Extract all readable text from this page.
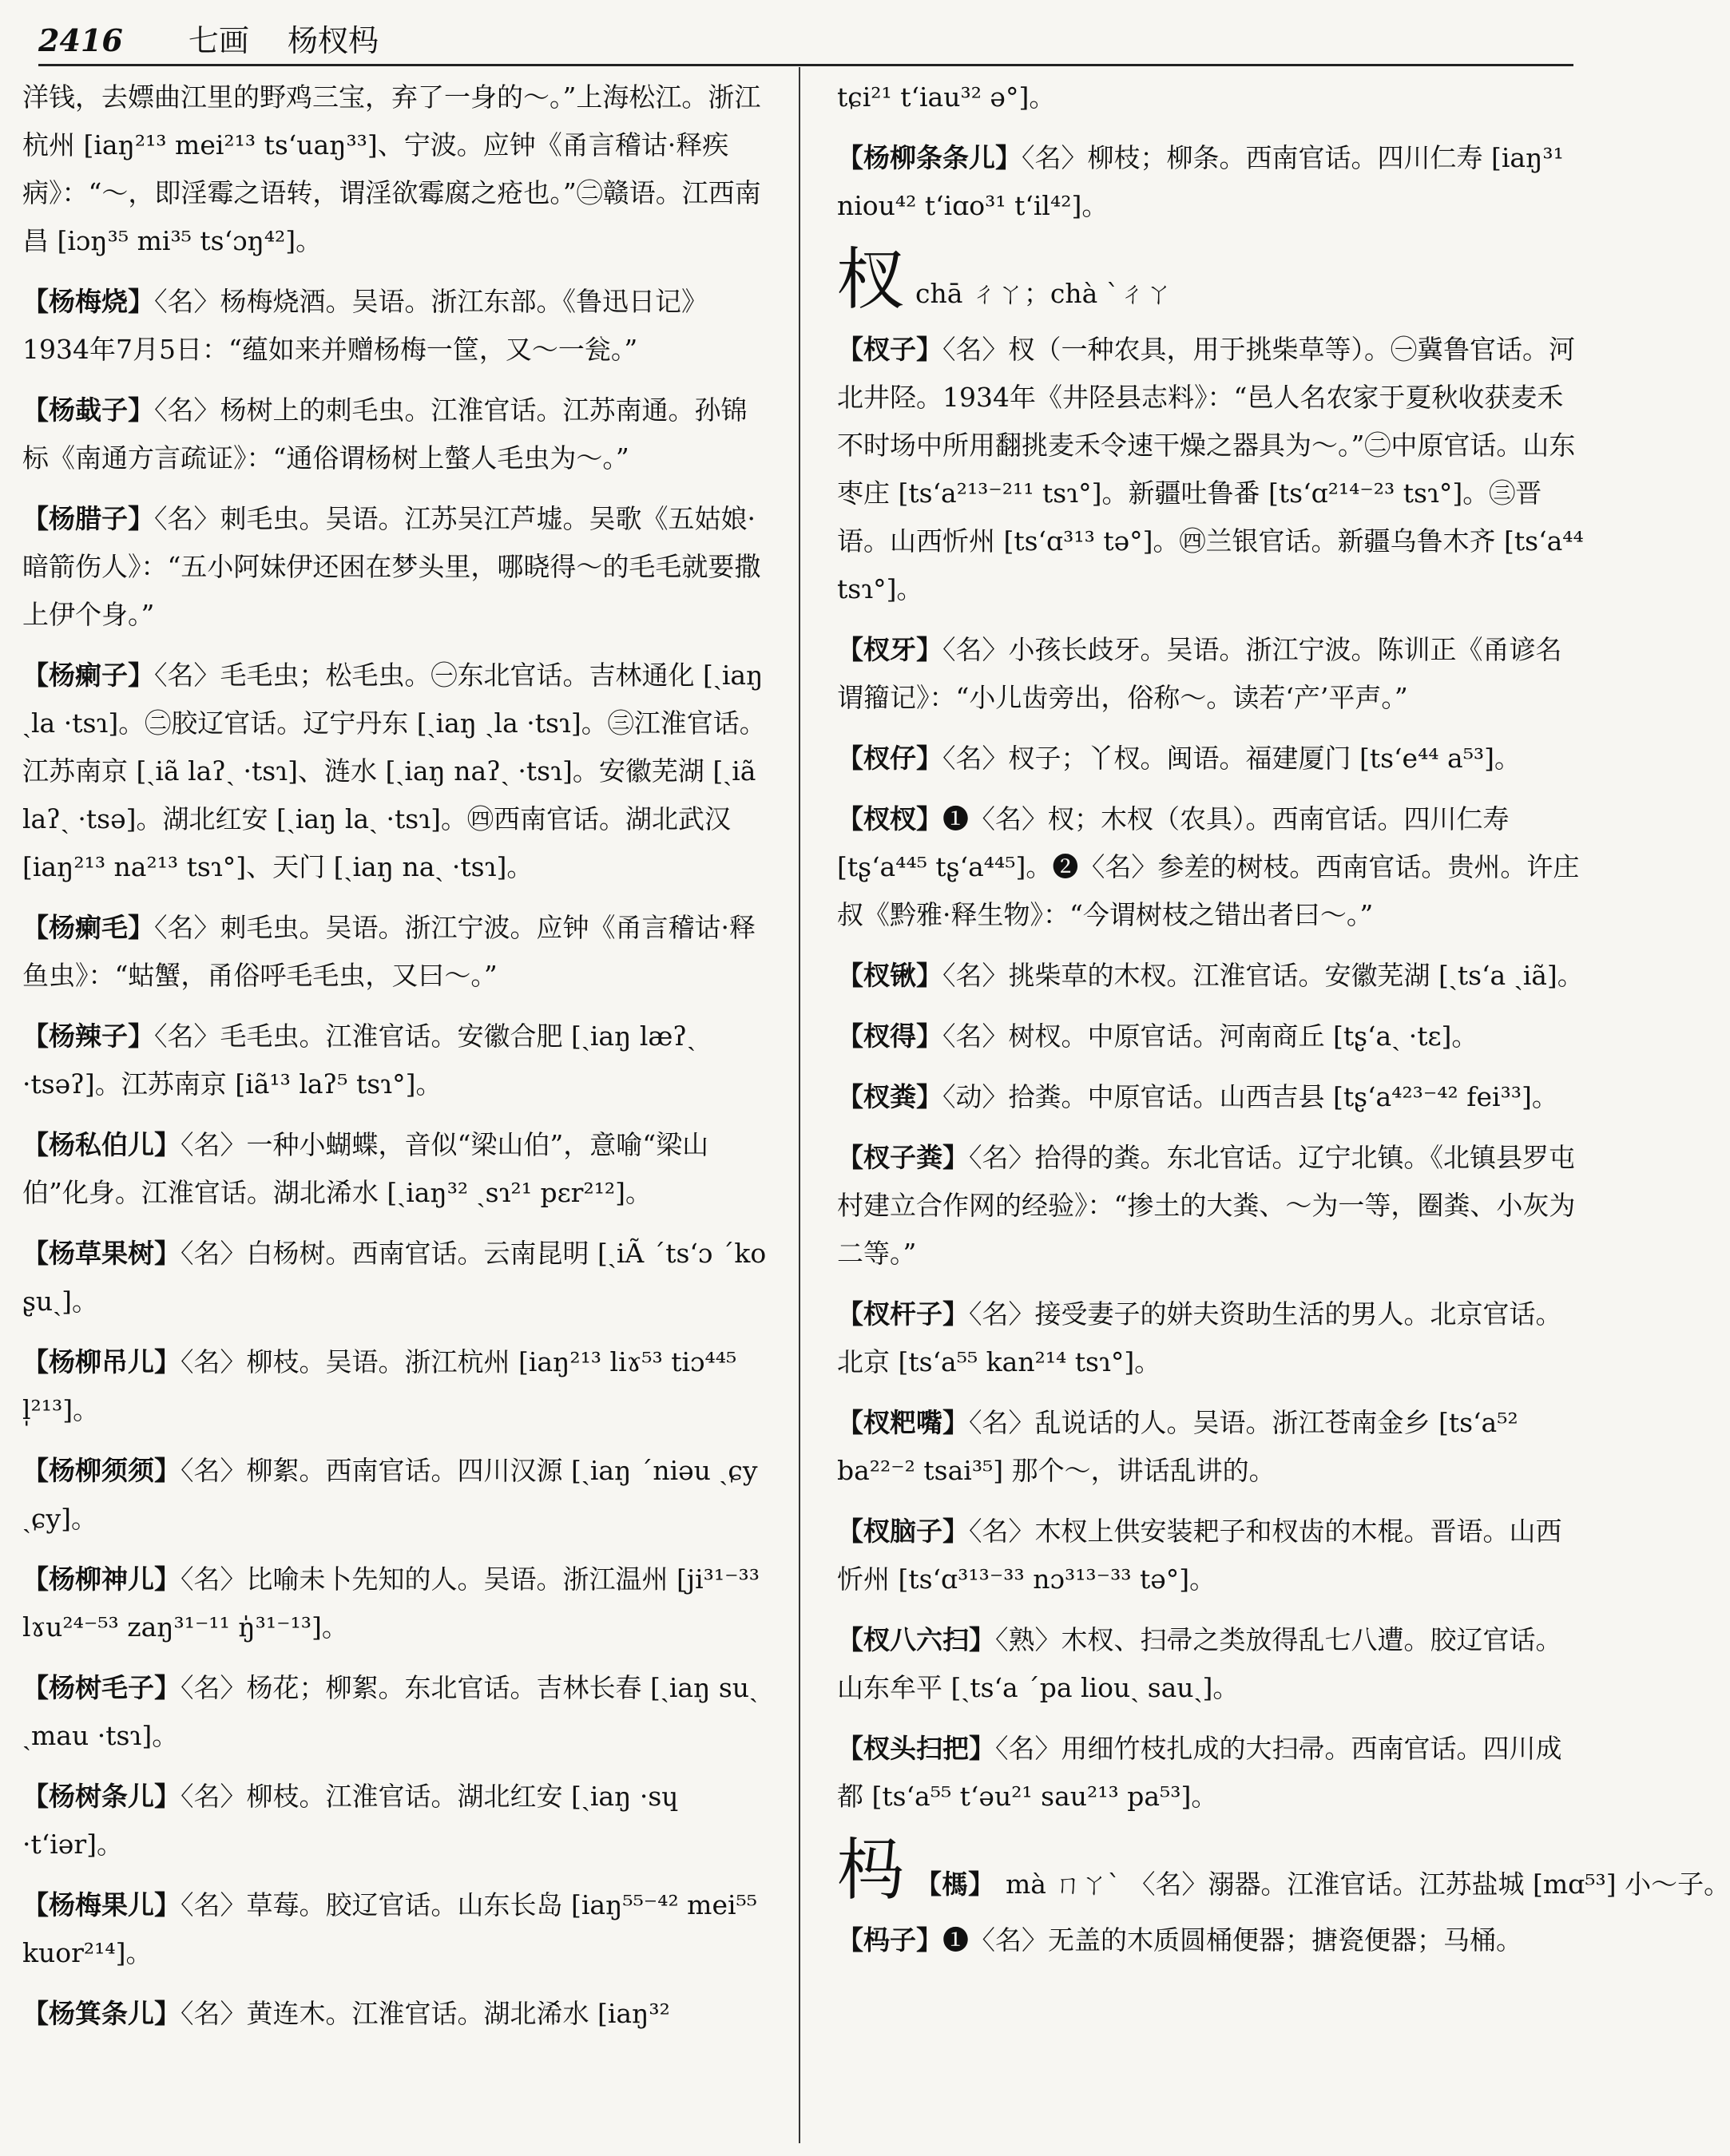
2416 七画 杨杈杩
洋钱，去嫖曲江里的野鸡三宝，弃了一身的～。”上海松江。浙江杭州 [iaŋ²¹³ mei²¹³ tsʻuaŋ³³]、宁波。应钟《甬言稽诂·释疾病》：“～，即淫霉之语转，谓淫欲霉腐之疮也。”㊁赣语。江西南昌 [iɔŋ³⁵ mi³⁵ tsʻɔŋ⁴²]。
【杨梅烧】〈名〉杨梅烧酒。吴语。浙江东部。《鲁迅日记》1934年7月5日：“蕴如来并赠杨梅一筐，又～一瓮。”
【杨蛓子】〈名〉杨树上的刺毛虫。江淮官话。江苏南通。孙锦标《南通方言疏证》：“通俗谓杨树上螫人毛虫为～。”
【杨腊子】〈名〉刺毛虫。吴语。江苏吴江芦墟。吴歌《五姑娘·暗箭伤人》：“五小阿妹伊还困在梦头里，哪晓得～的毛毛就要撒上伊个身。”
【杨瘌子】〈名〉毛毛虫；松毛虫。㊀东北官话。吉林通化 [ˏiaŋ ˏla ·tsɿ]。㊁胶辽官话。辽宁丹东 [ˏiaŋ ˏla ·tsɿ]。㊂江淮官话。江苏南京 [ˏiã laʔˎ ·tsɿ]、涟水 [ˏiaŋ naʔˎ ·tsɿ]。安徽芜湖 [ˏiã laʔˎ ·tsə]。湖北红安 [ˏiaŋ laˎ ·tsɿ]。㊃西南官话。湖北武汉 [iaŋ²¹³ na²¹³ tsɿ°]、天门 [ˏiaŋ naˎ ·tsɿ]。
【杨瘌毛】〈名〉刺毛虫。吴语。浙江宁波。应钟《甬言稽诂·释鱼虫》：“蛄蟹，甬俗呼毛毛虫，又曰～。”
【杨辣子】〈名〉毛毛虫。江淮官话。安徽合肥 [ˏiaŋ læʔˎ ·tsəʔ]。江苏南京 [iã¹³ laʔ⁵ tsɿ°]。
【杨私伯儿】〈名〉一种小蝴蝶，音似“梁山伯”，意喻“梁山伯”化身。江淮官话。湖北浠水 [ˏiaŋ³² ˏsɿ²¹ pɛr²¹²]。
【杨草果树】〈名〉白杨树。西南官话。云南昆明 [ˏiÃ ˊtsʻɔ ˊko ʂuˎ]。
【杨柳吊儿】〈名〉柳枝。吴语。浙江杭州 [iaŋ²¹³ liɤ⁵³ tiɔ⁴⁴⁵ l̩²¹³]。
【杨柳须须】〈名〉柳絮。西南官话。四川汉源 [ˏiaŋ ˊniəu ˏɕy ˏɕy]。
【杨柳神儿】〈名〉比喻未卜先知的人。吴语。浙江温州 [ji³¹⁻³³ lɤu²⁴⁻⁵³ zaŋ³¹⁻¹¹ ŋ̍³¹⁻¹³]。
【杨树毛子】〈名〉杨花；柳絮。东北官话。吉林长春 [ˏiaŋ suˎ ˏmau ·tsɿ]。
【杨树条儿】〈名〉柳枝。江淮官话。湖北红安 [ˏiaŋ ·sɥ ·tʻiər]。
【杨梅果儿】〈名〉草莓。胶辽官话。山东长岛 [iaŋ⁵⁵⁻⁴² mei⁵⁵ kuor²¹⁴]。
【杨箕条儿】〈名〉黄连木。江淮官话。湖北浠水 [iaŋ³²
tɕi²¹ tʻiau³² ə°]。
【杨柳条条儿】〈名〉柳枝；柳条。西南官话。四川仁寿 [iaŋ³¹ niou⁴² tʻiɑo³¹ tʻil⁴²]。
杈 chā ㄔㄚ；chà ˋㄔㄚ
【杈子】〈名〉杈（一种农具，用于挑柴草等）。㊀冀鲁官话。河北井陉。1934年《井陉县志料》：“邑人名农家于夏秋收获麦禾不时场中所用翻挑麦禾令速干燥之器具为～。”㊁中原官话。山东枣庄 [tsʻa²¹³⁻²¹¹ tsɿ°]。新疆吐鲁番 [tsʻɑ²¹⁴⁻²³ tsɿ°]。㊂晋语。山西忻州 [tsʻɑ³¹³ tə°]。㊃兰银官话。新疆乌鲁木齐 [tsʻa⁴⁴ tsɿ°]。
【杈牙】〈名〉小孩长歧牙。吴语。浙江宁波。陈训正《甬谚名谓籀记》：“小儿齿旁出，俗称～。读若‘产’平声。”
【杈仔】〈名〉杈子；丫杈。闽语。福建厦门 [tsʻe⁴⁴ a⁵³]。
【杈杈】❶〈名〉杈；木杈（农具）。西南官话。四川仁寿 [tʂʻa⁴⁴⁵ tʂʻa⁴⁴⁵]。❷〈名〉参差的树枝。西南官话。贵州。许庄叔《黔雅·释生物》：“今谓树枝之错出者曰～。”
【杈锹】〈名〉挑柴草的木杈。江淮官话。安徽芜湖 [ˏtsʻa ˏiã]。
【杈得】〈名〉树杈。中原官话。河南商丘 [tʂʻaˎ ·tɛ]。
【杈粪】〈动〉拾粪。中原官话。山西吉县 [tʂʻa⁴²³⁻⁴² fei³³]。
【杈子粪】〈名〉拾得的粪。东北官话。辽宁北镇。《北镇县罗屯村建立合作网的经验》：“掺土的大粪、～为一等，圈粪、小灰为二等。”
【杈杆子】〈名〉接受妻子的姘夫资助生活的男人。北京官话。北京 [tsʻa⁵⁵ kan²¹⁴ tsɿ°]。
【杈粑嘴】〈名〉乱说话的人。吴语。浙江苍南金乡 [tsʻa⁵² ba²²⁻² tsai³⁵] 那个～，讲话乱讲的。
【杈脑子】〈名〉木杈上供安装耙子和杈齿的木棍。晋语。山西忻州 [tsʻɑ³¹³⁻³³ nɔ³¹³⁻³³ tə°]。
【杈八六扫】〈熟〉木杈、扫帚之类放得乱七八遭。胶辽官话。山东牟平 [ˏtsʻa ˊpa liouˎ sauˎ]。
【杈头扫把】〈名〉用细竹枝扎成的大扫帚。西南官话。四川成都 [tsʻa⁵⁵ tʻəu²¹ sau²¹³ pa⁵³]。
杩 【榪】 mà ㄇㄚˋ 〈名〉溺器。江淮官话。江苏盐城 [mɑ⁵³] 小～子。
【杩子】❶〈名〉无盖的木质圆桶便器；搪瓷便器；马桶。
